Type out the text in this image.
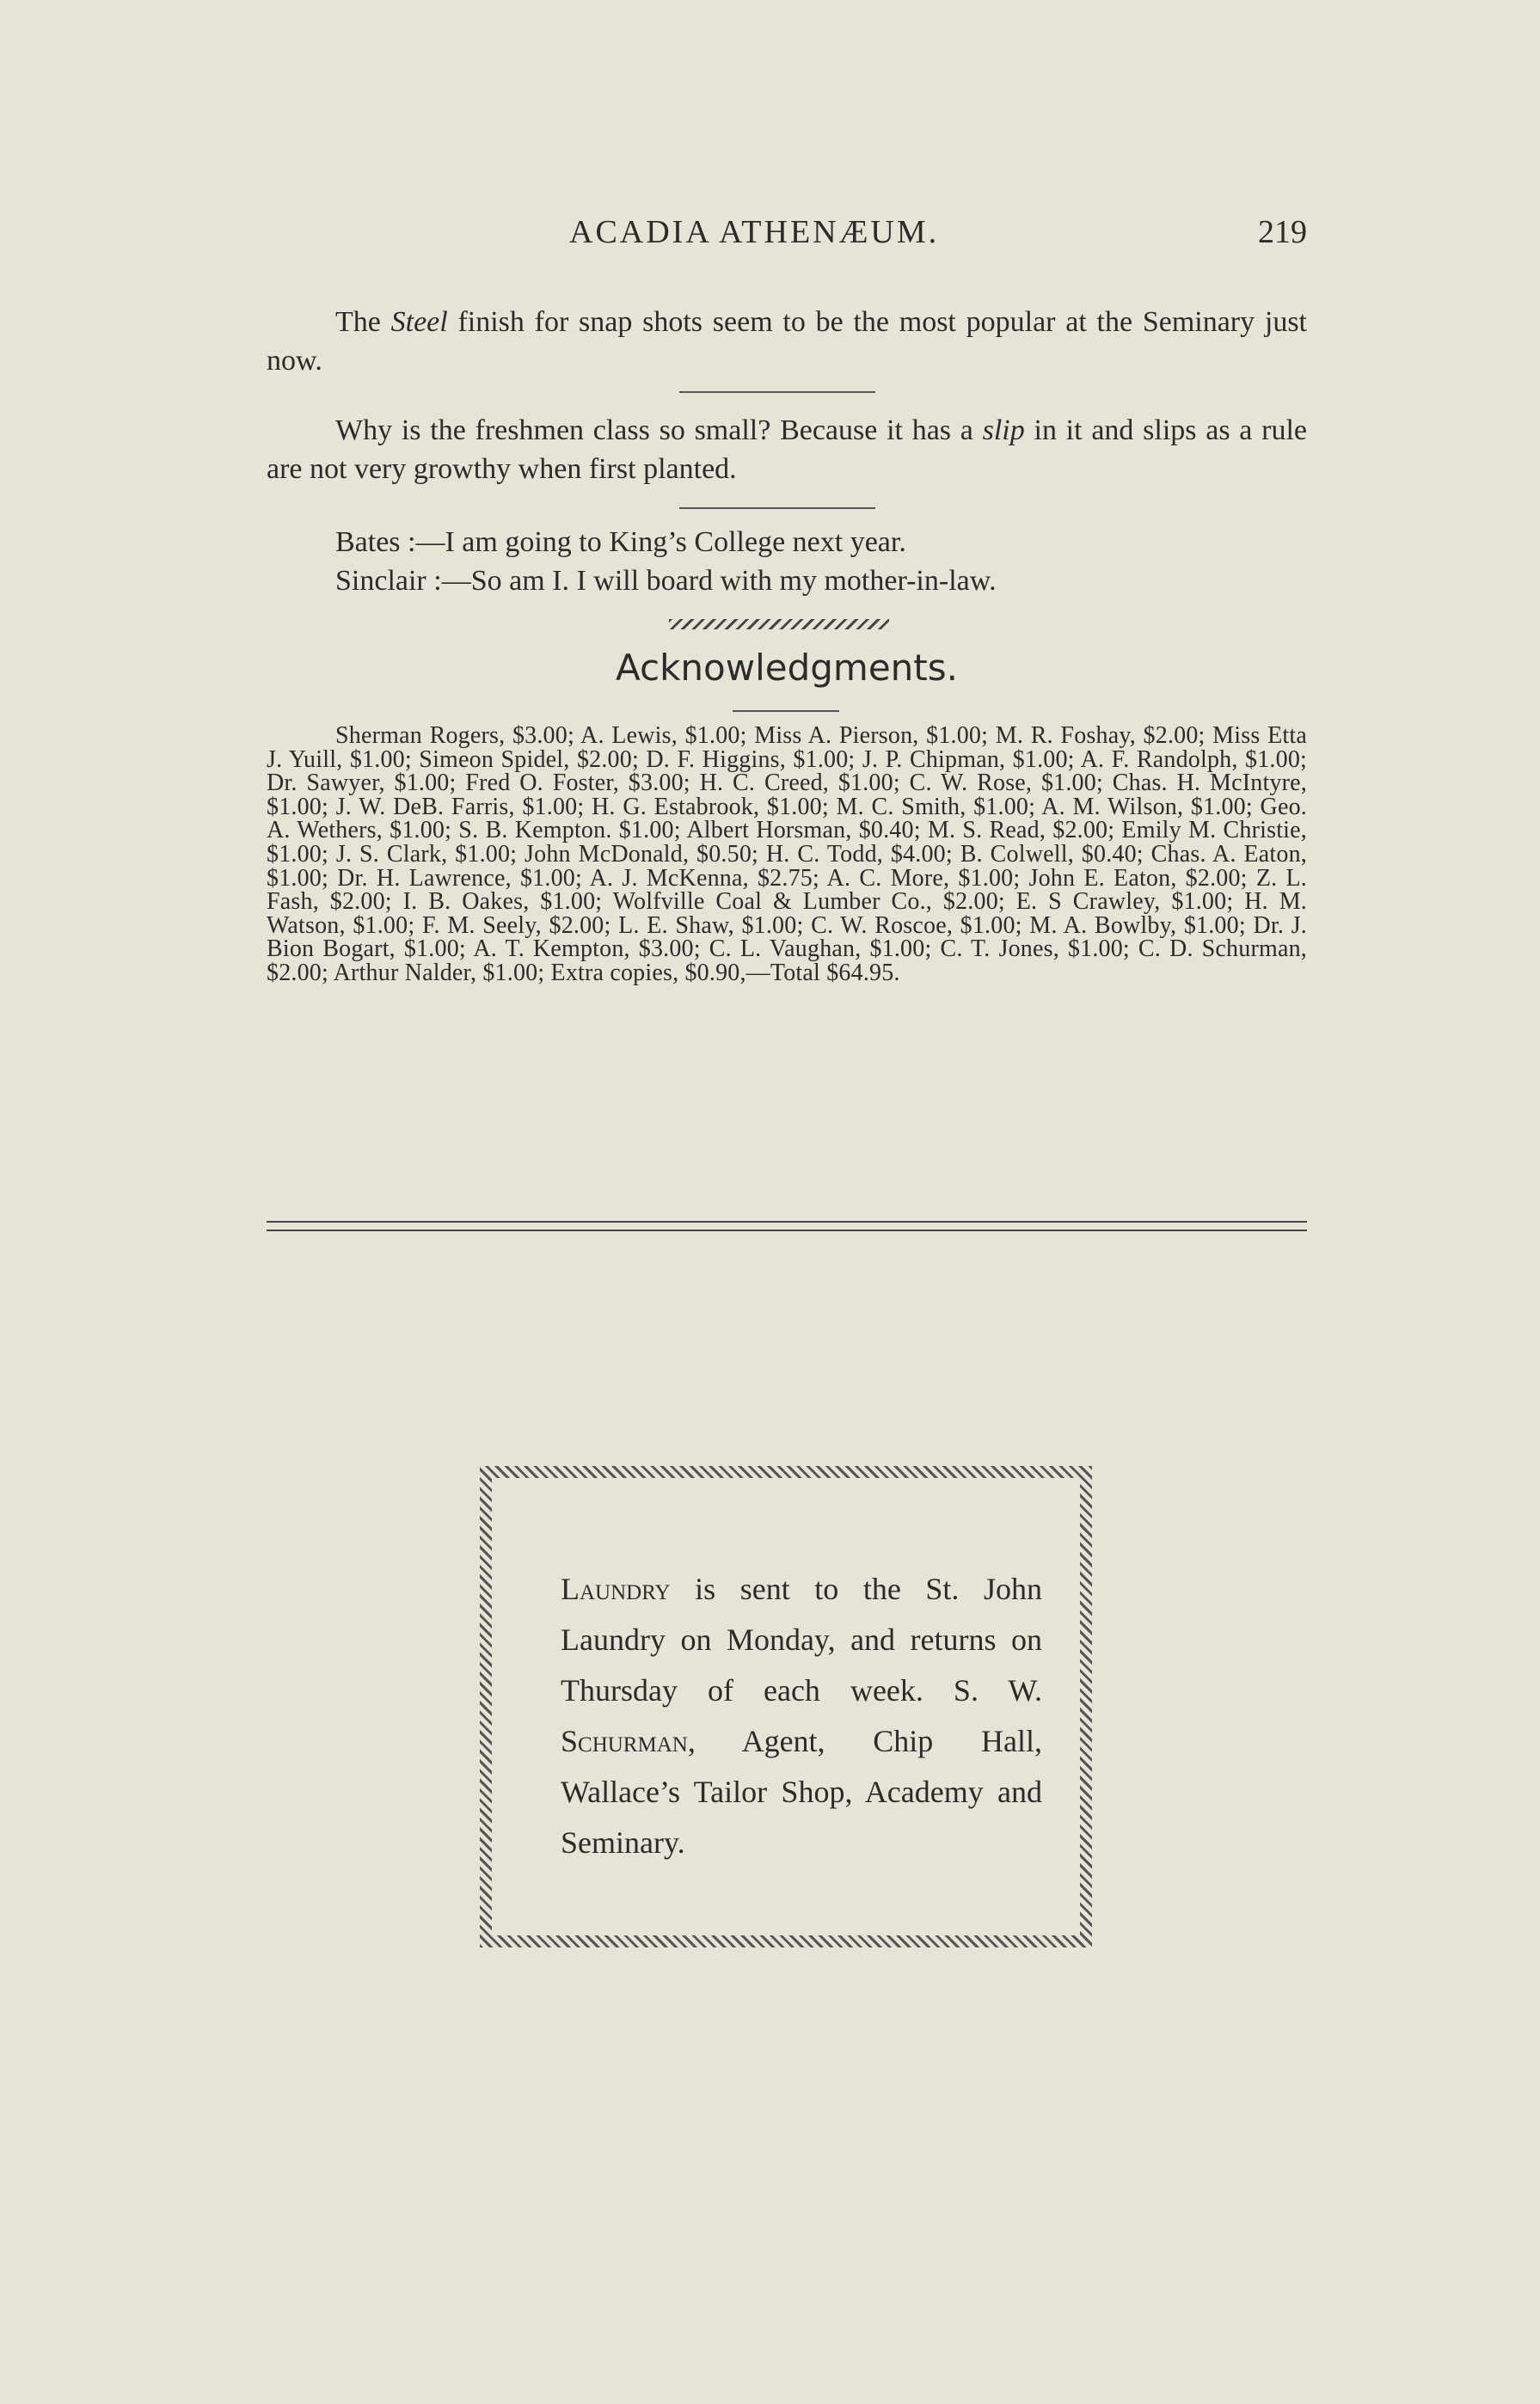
ACADIA ATHENÆUM.	219

The Steel finish for snap shots seem to be the most popular at the Seminary just now.

Why is the freshmen class so small? Because it has a slip in it and slips as a rule are not very growthy when first planted.

Bates :—I am going to King’s College next year.

Sinclair :—So am I. I will board with my mother-in-law.

Acknowledgments.

Sherman Rogers, $3.00; A. Lewis, $1.00; Miss A. Pierson, $1.00; M. R. Foshay, $2.00; Miss Etta J. Yuill, $1.00; Simeon Spidel, $2.00; D. F. Higgins, $1.00; J. P. Chipman, $1.00; A. F. Randolph, $1.00; Dr. Sawyer, $1.00; Fred O. Foster, $3.00; H. C. Creed, $1.00; C. W. Rose, $1.00; Chas. H. McIntyre, $1.00; J. W. DeB. Farris, $1.00; H. G. Estabrook, $1.00; M. C. Smith, $1.00; A. M. Wilson, $1.00; Geo. A. Wethers, $1.00; S. B. Kempton. $1.00; Albert Horsman, $0.40; M. S. Read, $2.00; Emily M. Christie, $1.00; J. S. Clark, $1.00; John McDonald, $0.50; H. C. Todd, $4.00; B. Colwell, $0.40; Chas. A. Eaton, $1.00; Dr. H. Lawrence, $1.00; A. J. McKenna, $2.75; A. C. More, $1.00; John E. Eaton, $2.00; Z. L. Fash, $2.00; I. B. Oakes, $1.00; Wolfville Coal & Lumber Co., $2.00; E. S Crawley, $1.00; H. M. Watson, $1.00; F. M. Seely, $2.00; L. E. Shaw, $1.00; C. W. Roscoe, $1.00; M. A. Bowlby, $1.00; Dr. J. Bion Bogart, $1.00; A. T. Kempton, $3.00; C. L. Vaughan, $1.00; C. T. Jones, $1.00; C. D. Schurman, $2.00; Arthur Nalder, $1.00; Extra copies, $0.90,—Total $64.95.

Laundry is sent to the St. John Laundry on Monday, and returns on Thursday of each week. S. W. Schurman, Agent, Chip Hall, Wallace’s Tailor Shop, Academy and Seminary.
